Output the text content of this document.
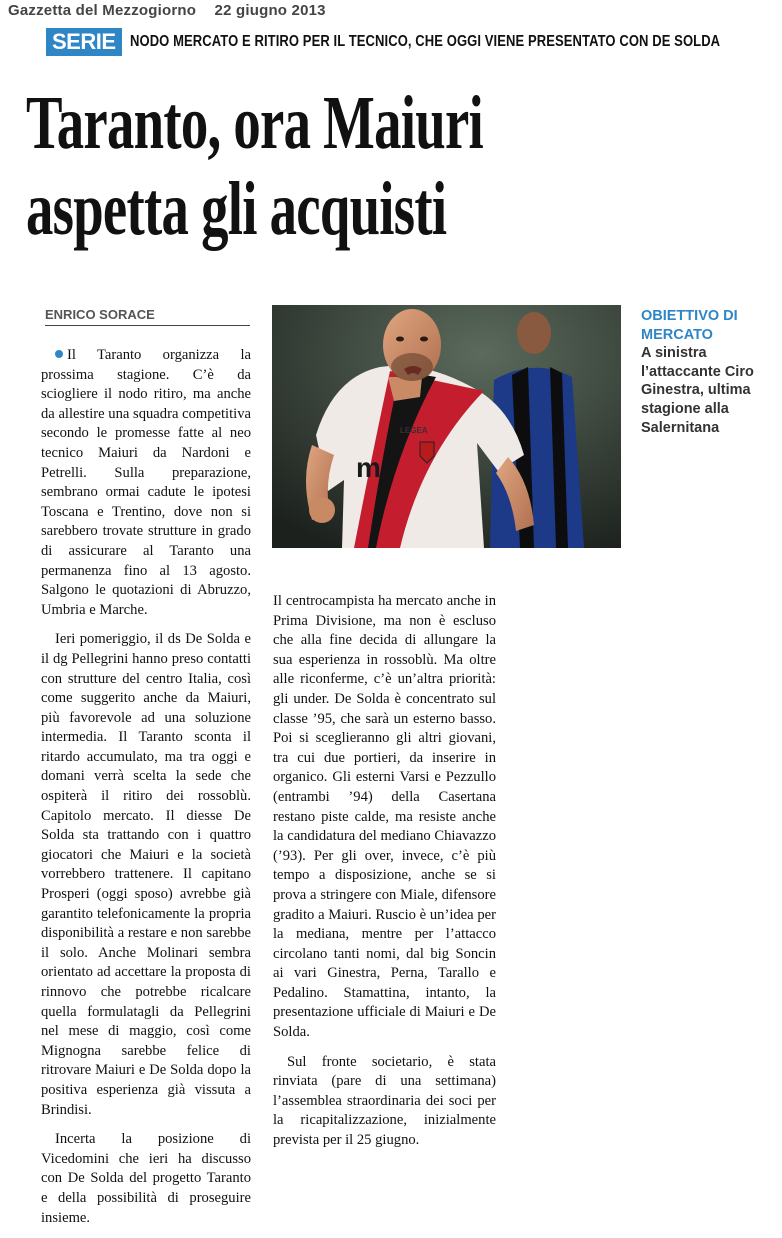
Gazzetta del Mezzogiorno 22 giugno 2013
SERIE D
NODO MERCATO E RITIRO PER IL TECNICO, CHE OGGI VIENE PRESENTATO CON DE SOLDA
Taranto, ora Maiuri
aspetta gli acquisti
ENRICO SORACE
LEGEA
m
OBIETTIVO DI MERCATO
A sinistra l’attaccante Ciro Ginestra, ultima stagione alla Salernitana

Il Taranto organizza la prossima stagione. C’è da sciogliere il nodo ritiro, ma anche da allestire una squadra competitiva secondo le promesse fatte al neo tecnico Maiuri da Nardoni e Petrelli. Sulla preparazione, sembrano ormai cadute le ipotesi Toscana e Trentino, dove non si sarebbero trovate strutture in grado di assicurare al Taranto una permanenza fino al 13 agosto. Salgono le quotazioni di Abruzzo, Umbria e Marche.

Ieri pomeriggio, il ds De Solda e il dg Pellegrini hanno preso contatti con strutture del centro Italia, così come suggerito anche da Maiuri, più favorevole ad una soluzione intermedia. Il Taranto sconta il ritardo accumulato, ma tra oggi e domani verrà scelta la sede che ospiterà il ritiro dei rossoblù. Capitolo mercato. Il diesse De Solda sta trattando con i quattro giocatori che Maiuri e la società vorrebbero trattenere. Il capitano Prosperi (oggi sposo) avrebbe già garantito telefonicamente la propria disponibilità a restare e non sarebbe il solo. Anche Molinari sembra orientato ad accettare la proposta di rinnovo che potrebbe ricalcare quella formulatagli da Pellegrini nel mese di maggio, così come Mignogna sarebbe felice di ritrovare Maiuri e De Solda dopo la positiva esperienza già vissuta a Brindisi.

Incerta la posizione di Vicedomini che ieri ha discusso con De Solda del progetto Taranto e della possibilità di proseguire insieme.

Il centrocampista ha mercato anche in Prima Divisione, ma non è escluso che alla fine decida di allungare la sua esperienza in rossoblù. Ma oltre alle riconferme, c’è un’altra priorità: gli under. De Solda è concentrato sul classe ’95, che sarà un esterno basso. Poi si sceglieranno gli altri giovani, tra cui due portieri, da inserire in organico. Gli esterni Varsi e Pezzullo (entrambi ’94) della Casertana restano piste calde, ma resiste anche la candidatura del mediano Chiavazzo (’93). Per gli over, invece, c’è più tempo a disposizione, anche se si prova a stringere con Miale, difensore gradito a Maiuri. Ruscio è un’idea per la mediana, mentre per l’attacco circolano tanti nomi, dal big Soncin ai vari Ginestra, Perna, Tarallo e Pedalino. Stamattina, intanto, la presentazione ufficiale di Maiuri e De Solda.

Sul fronte societario, è stata rinviata (pare di una settimana) l’assemblea straordinaria dei soci per la ricapitalizzazione, inizialmente prevista per il 25 giugno.
